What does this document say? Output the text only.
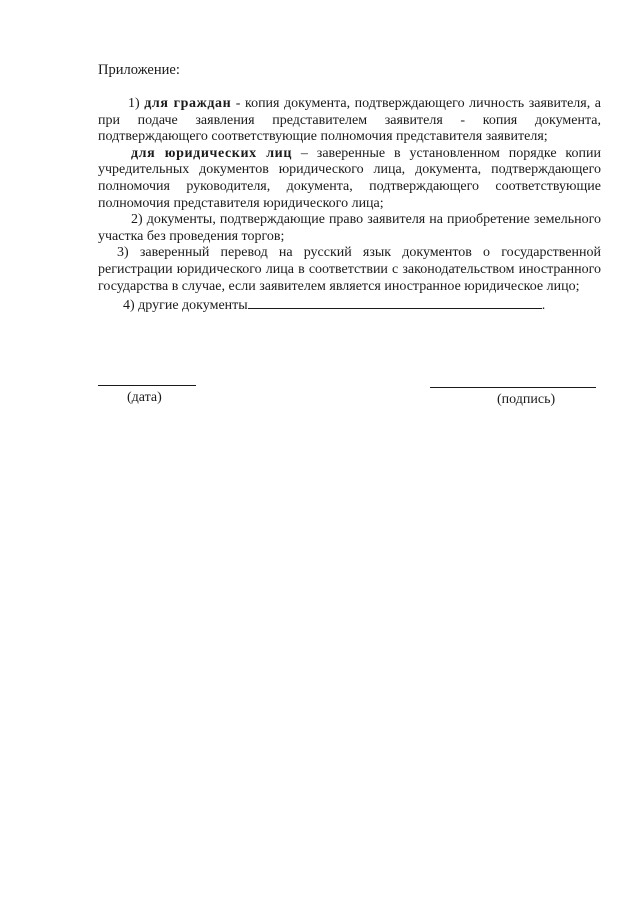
Приложение:

1) для граждан - копия документа, подтверждающего личность заявителя, а при подаче заявления представителем заявителя - копия документа, подтверждающего соответствующие полномочия представителя заявителя;

для юридических лиц – заверенные в установленном порядке копии учредительных документов юридического лица, документа, подтверждающего полномочия руководителя, документа, подтверждающего соответствующие полномочия представителя юридического лица;

2) документы, подтверждающие право заявителя на приобретение земельного участка без проведения торгов;

3) заверенный перевод на русский язык документов о государственной регистрации юридического лица в соответствии с законодательством иностранного государства в случае, если заявителем является иностранное юридическое лицо;

4) другие документы	.

(дата)	(подпись)
